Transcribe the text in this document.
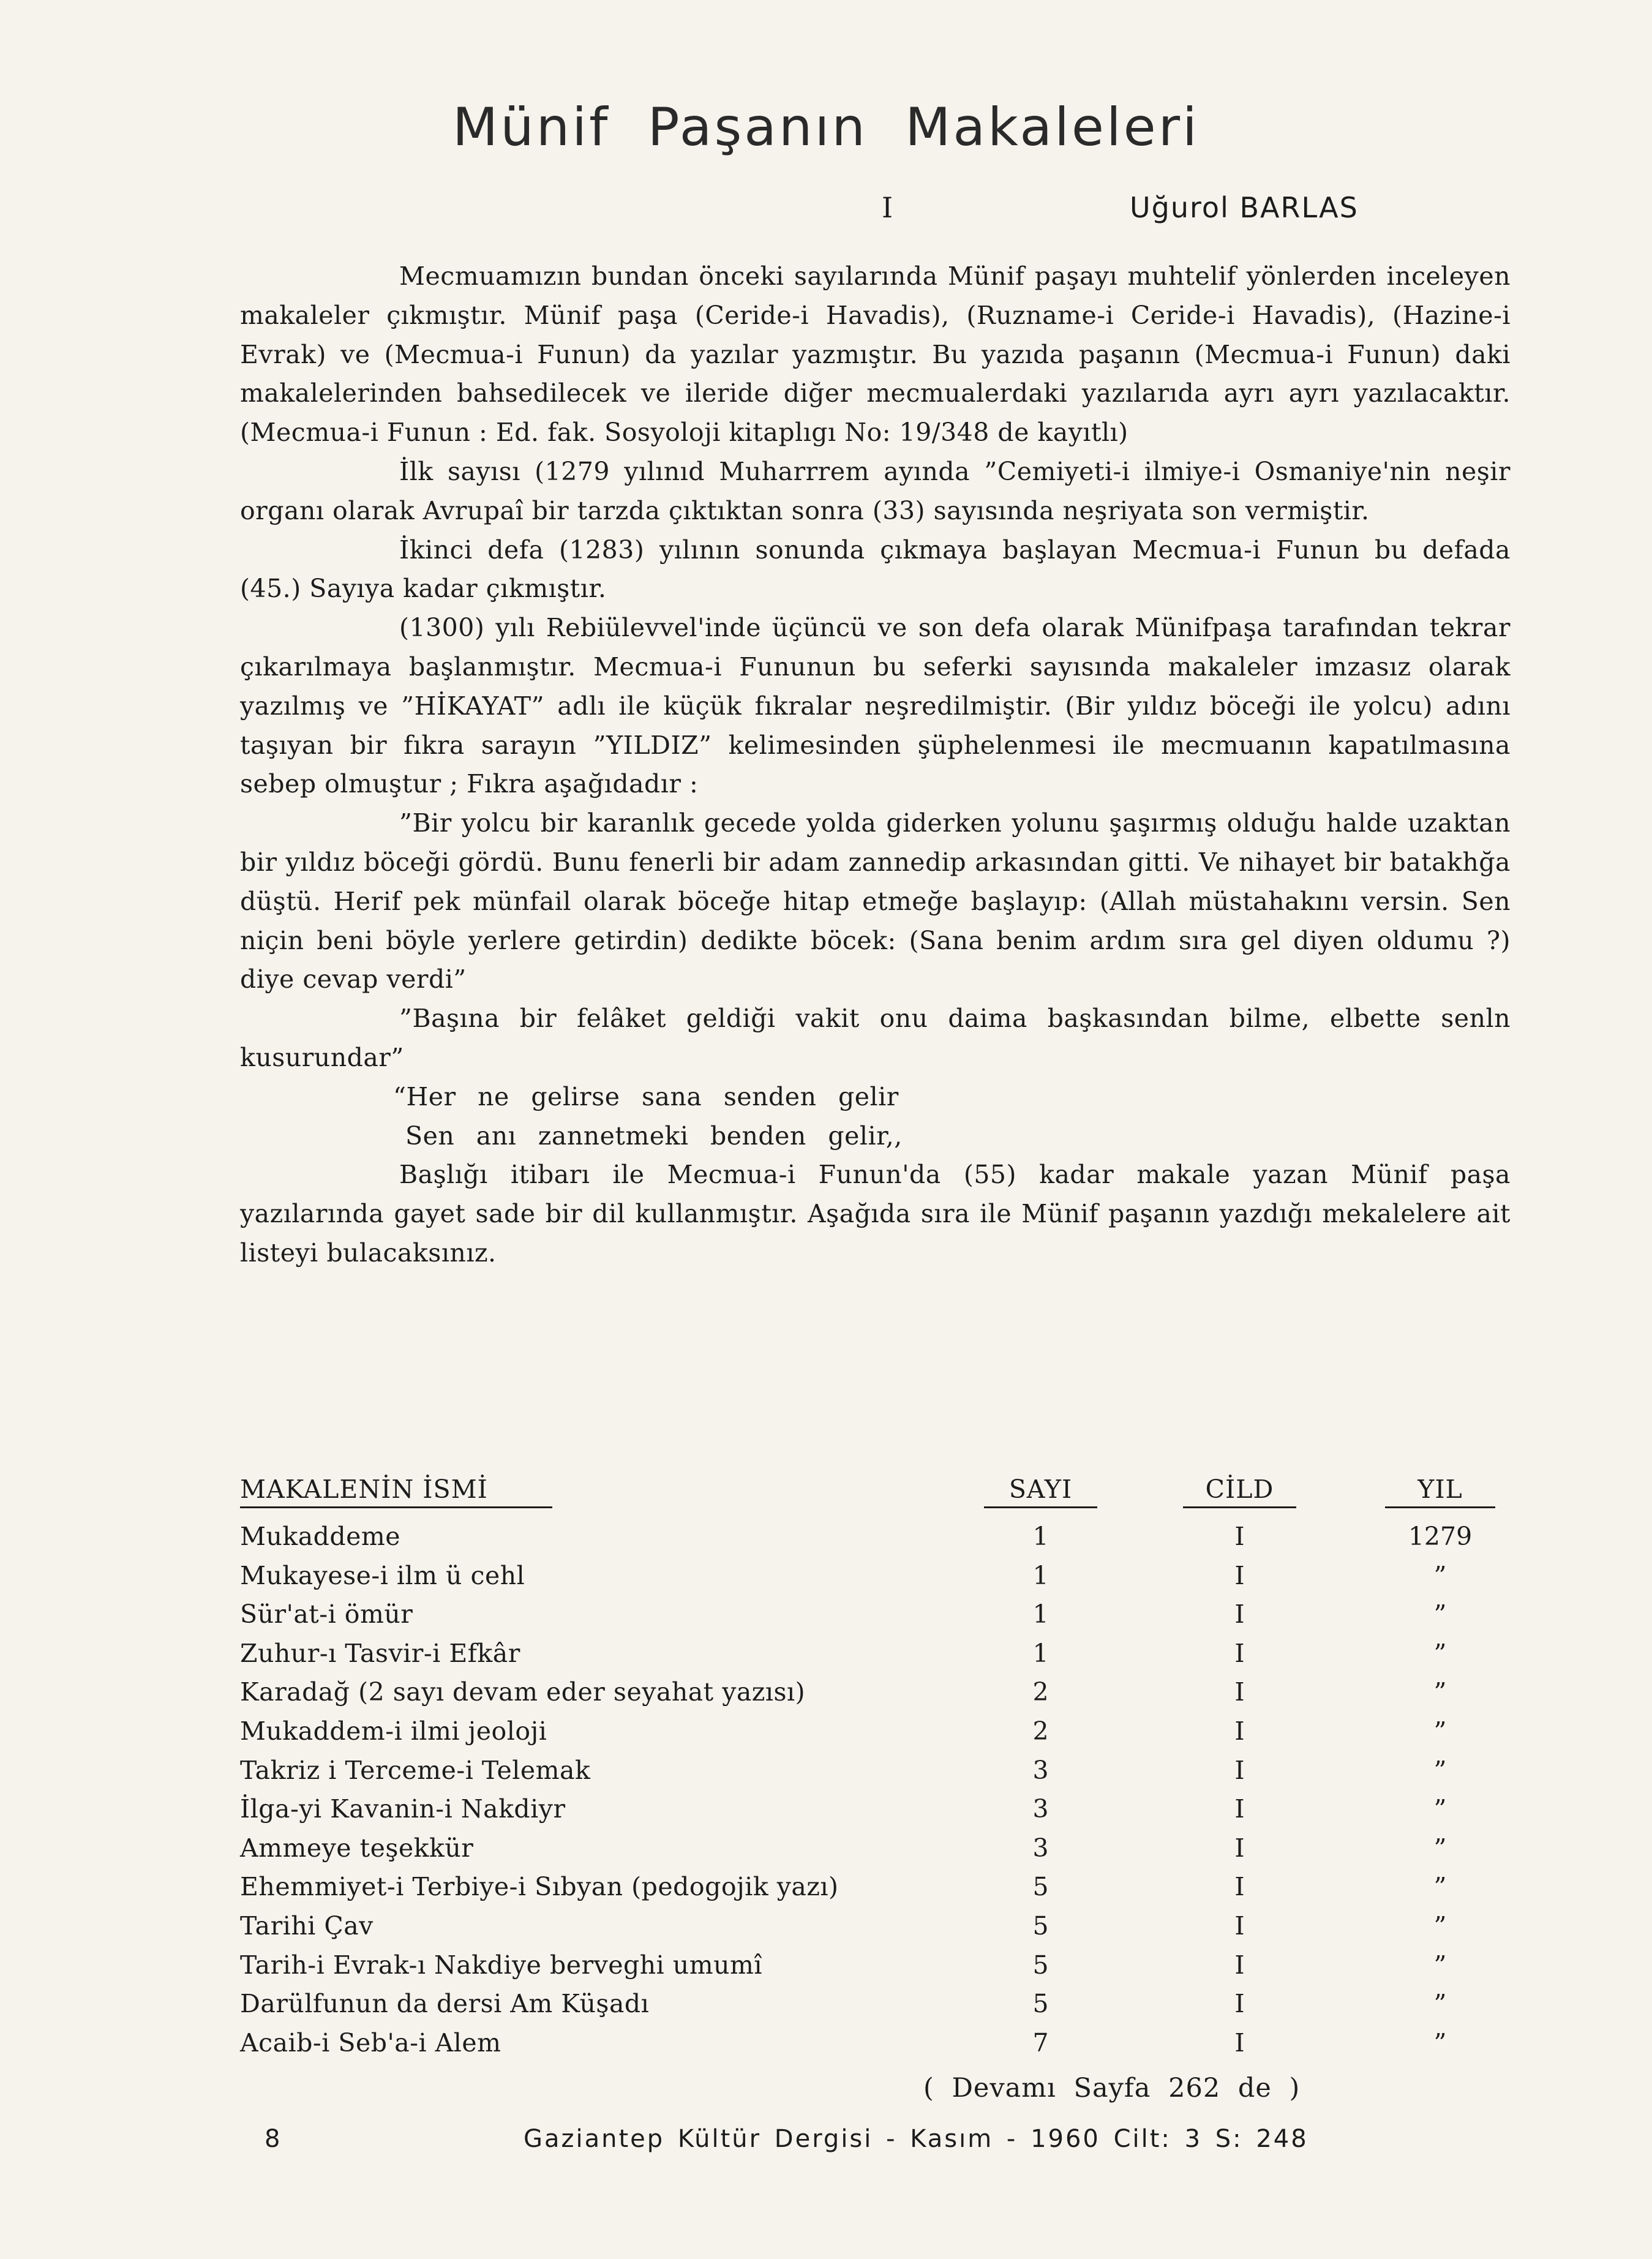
Münif Paşanın Makaleleri
I	Uğurol BARLAS

Mecmuamızın bundan önceki sayılarında Münif paşayı muhtelif yönlerden inceleyen makaleler çıkmıştır. Münif paşa (Ceride-i Havadis), (Ruzname-i Ceride-i Havadis), (Hazine-i Evrak) ve (Mecmua-i Funun) da yazılar yazmıştır. Bu yazıda paşanın (Mecmua-i Funun) daki makalelerinden bahsedilecek ve ileride diğer mecmualerdaki yazılarıda ayrı ayrı yazılacaktır. (Mecmua-i Funun : Ed. fak. Sosyoloji kitaplıgı No: 19/348 de kayıtlı)

İlk sayısı (1279 yılınıd Muharrrem ayında ”Cemiyeti-i ilmiye-i Osmaniye'nin neşir organı olarak Avrupaî bir tarzda çıktıktan sonra (33) sayısında neşriyata son vermiştir.

İkinci defa (1283) yılının sonunda çıkmaya başlayan Mecmua-i Funun bu defada (45.) Sayıya kadar çıkmıştır.

(1300) yılı Rebiülevvel'inde üçüncü ve son defa olarak Münifpaşa tarafından tekrar çıkarılmaya başlanmıştır. Mecmua-i Fununun bu seferki sayısında makaleler imzasız olarak yazılmış ve ”HİKAYAT” adlı ile küçük fıkralar neşredilmiştir. (Bir yıldız böceği ile yolcu) adını taşıyan bir fıkra sarayın ”YILDIZ” kelimesinden şüphelenmesi ile mecmuanın kapatılmasına sebep olmuştur ; Fıkra aşağıdadır :

”Bir yolcu bir karanlık gecede yolda giderken yolunu şaşırmış olduğu halde uzaktan bir yıldız böceği gördü. Bunu fenerli bir adam zannedip arkasından gitti. Ve nihayet bir batakhğa düştü. Herif pek münfail olarak böceğe hitap etmeğe başlayıp: (Allah müstahakını versin. Sen niçin beni böyle yerlere getirdin) dedikte böcek: (Sana benim ardım sıra gel diyen oldumu ?) diye cevap verdi”

”Başına bir felâket geldiği vakit onu daima başkasından bilme, elbette senln kusurundar”

“Her ne gelirse sana senden gelir
Sen anı zannetmeki benden gelir,,

Başlığı itibarı ile Mecmua-i Funun'da (55) kadar makale yazan Münif paşa yazılarında gayet sade bir dil kullanmıştır. Aşağıda sıra ile Münif paşanın yazdığı mekalelere ait listeyi bulacaksınız.

MAKALENİN İSMİ	SAYI	CİLD	YIL
Mukaddeme	1	I	1279
Mukayese-i ilm ü cehl	1	I	”
Sür'at-i ömür	1	I	”
Zuhur-ı Tasvir-i Efkâr	1	I	”
Karadağ (2 sayı devam eder seyahat yazısı)	2	I	”
Mukaddem-i ilmi jeoloji	2	I	”
Takriz i Terceme-i Telemak	3	I	”
İlga-yi Kavanin-i Nakdiyr	3	I	”
Ammeye teşekkür	3	I	”
Ehemmiyet-i Terbiye-i Sıbyan (pedogojik yazı)	5	I	”
Tarihi Çav	5	I	”
Tarih-i Evrak-ı Nakdiye berveghi umumî	5	I	”
Darülfunun da dersi Am Küşadı	5	I	”
Acaib-i Seb'a-i Alem	7	I	”
( Devamı Sayfa 262 de )
8	Gaziantep Kültür Dergisi - Kasım - 1960 Cilt: 3 S: 248
